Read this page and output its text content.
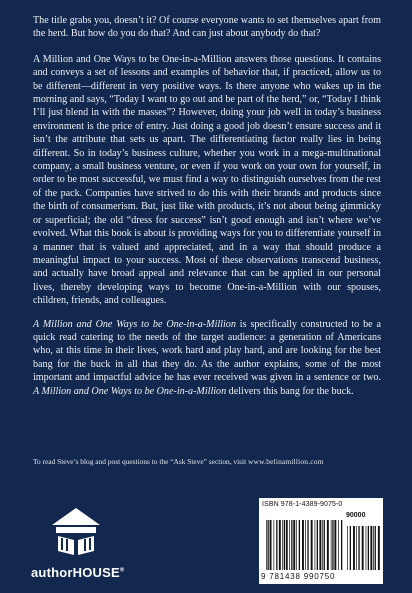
The title grabs you, doesn’t it? Of course everyone wants to set themselves apart from the herd. But how do you do that? And can just about anybody do that?

A Million and One Ways to be One-in-a-Million answers those questions. It contains and conveys a set of lessons and examples of behavior that, if practiced, allow us to be different—different in very positive ways. Is there anyone who wakes up in the morning and says, “Today I want to go out and be part of the herd,” or, “Today I think I’ll just blend in with the masses”? However, doing your job well in today’s business environment is the price of entry. Just doing a good job doesn’t ensure success and it isn’t the attribute that sets us apart. The differentiating factor really lies in being different. So in today’s business culture, whether you work in a mega-multinational company, a small business venture, or even if you work on your own for yourself, in order to be most successful, we must find a way to distinguish ourselves from the rest of the pack. Companies have strived to do this with their brands and products since the birth of consumerism. But, just like with products, it’s not about being gimmicky or superficial; the old “dress for success” isn’t good enough and isn’t where we’ve evolved. What this book is about is providing ways for you to differentiate yourself in a manner that is valued and appreciated, and in a way that should produce a meaningful impact to your success. Most of these observations transcend business, and actually have broad appeal and relevance that can be applied in our personal lives, thereby developing ways to become One-in-a-Million with our spouses, children, friends, and colleagues.

A Million and One Ways to be One-in-a-Million is specifically constructed to be a quick read catering to the needs of the target audience: a generation of Americans who, at this time in their lives, work hard and play hard, and are looking for the best bang for the buck in all that they do. As the author explains, some of the most important and impactful advice he has ever received was given in a sentence or two. A Million and One Ways to be One-in-a-Million delivers this bang for the buck.

To read Steve’s blog and post questions to the “Ask Steve” section, visit www.belinamillion.com
authorHOUSE®
ISBN 978-1-4389-9075-0
90000
9 781438 990750
